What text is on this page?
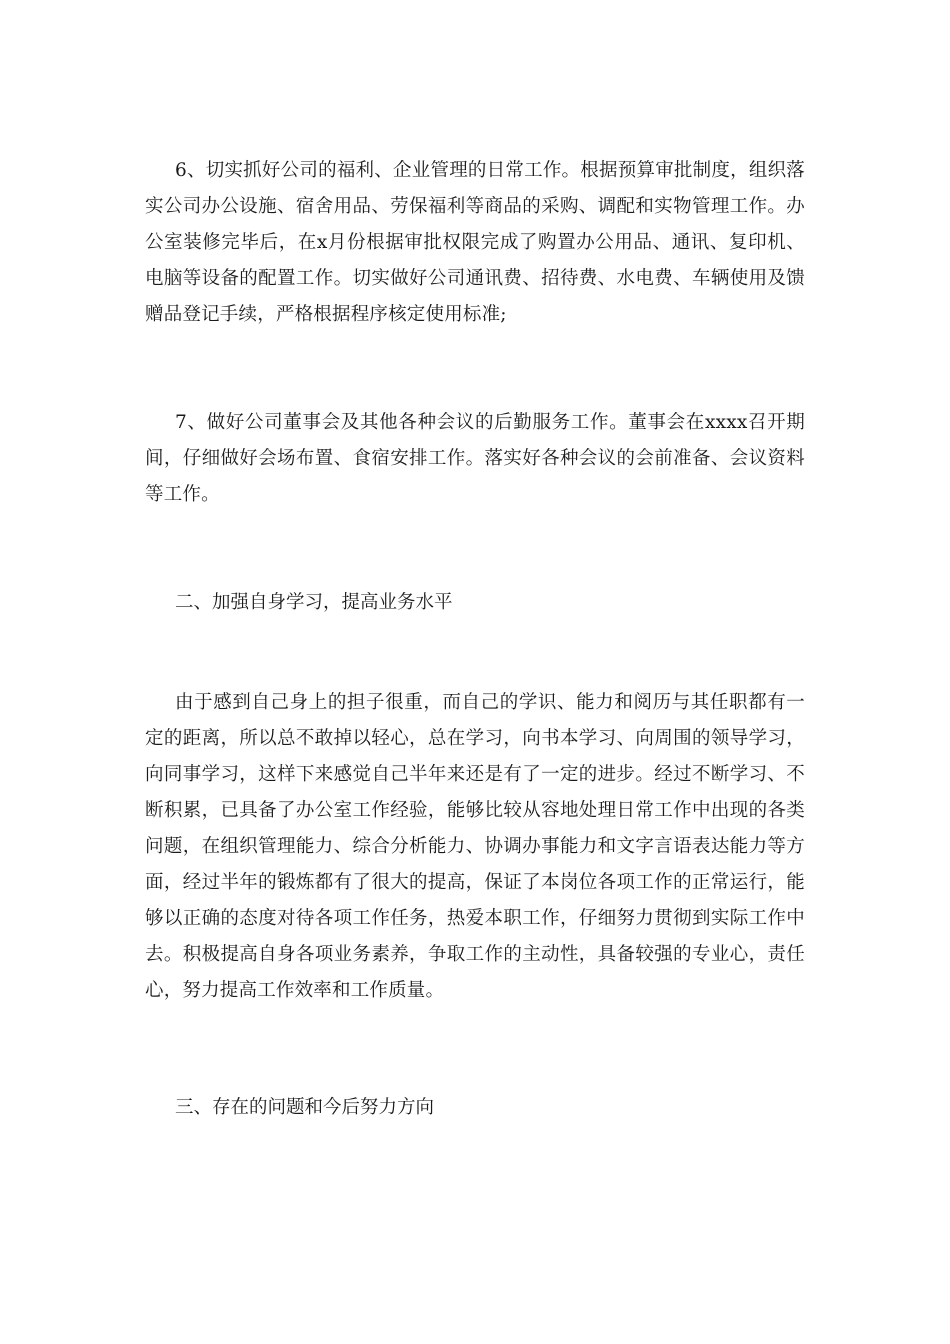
6、切实抓好公司的福利、企业管理的日常工作。根据预算审批制度，组织落实公司办公设施、宿舍用品、劳保福利等商品的采购、调配和实物管理工作。办公室装修完毕后，在x月份根据审批权限完成了购置办公用品、通讯、复印机、电脑等设备的配置工作。切实做好公司通讯费、招待费、水电费、车辆使用及馈赠品登记手续，严格根据程序核定使用标准;

7、做好公司董事会及其他各种会议的后勤服务工作。董事会在xxxx召开期间，仔细做好会场布置、食宿安排工作。落实好各种会议的会前准备、会议资料等工作。

二、加强自身学习，提高业务水平

由于感到自己身上的担子很重，而自己的学识、能力和阅历与其任职都有一定的距离，所以总不敢掉以轻心，总在学习，向书本学习、向周围的领导学习，向同事学习，这样下来感觉自己半年来还是有了一定的进步。经过不断学习、不断积累，已具备了办公室工作经验，能够比较从容地处理日常工作中出现的各类问题，在组织管理能力、综合分析能力、协调办事能力和文字言语表达能力等方面，经过半年的锻炼都有了很大的提高，保证了本岗位各项工作的正常运行，能够以正确的态度对待各项工作任务，热爱本职工作，仔细努力贯彻到实际工作中去。积极提高自身各项业务素养，争取工作的主动性，具备较强的专业心，责任心，努力提高工作效率和工作质量。

三、存在的问题和今后努力方向
